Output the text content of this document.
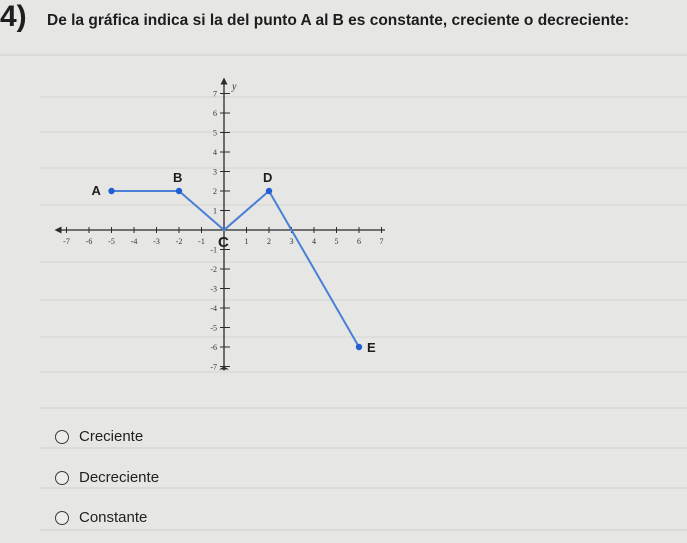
4) De la gráfica indica si la del punto A al B es constante, creciente o decreciente:
y
-7 -6 -5 -4 -3 -2 -1	1 2 3 4 5 6 7
-7
-6
-5
-4
-3
-2
-1
1
2
3
4
5
6
7
A
B
C
D
E
Creciente
Decreciente
Constante
